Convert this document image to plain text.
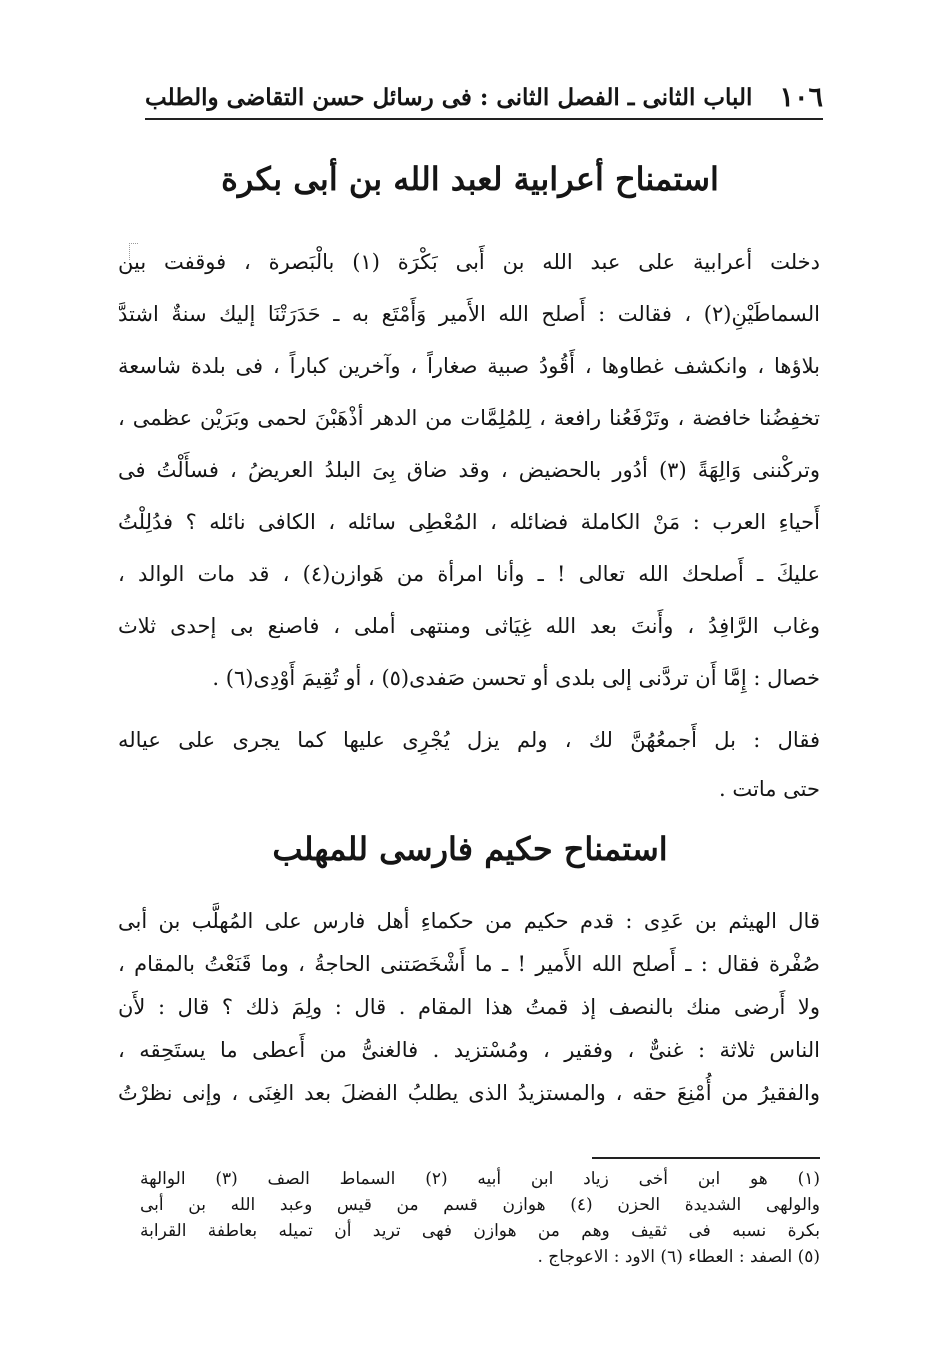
١٠٦
الباب الثانى ـ الفصل الثانى : فى رسائل حسن التقاضى والطلب
استمناح أعرابية لعبد الله بن أبى بكرة
دخلت أعرابية على عبد الله بن أَبى بَكْرَة (١) بالْبَصرة ، فوقفت بين
السماطَيْنِ(٢) ، فقالت : أَصلح الله الأَمير وَأَمْتَع به ـ حَدَرَتْنَا إليك سنةٌ اشتدَّ
بلاؤها ، وانكشف غطاوها ، أَقُودُ صبية صغاراً ، وآخرين كباراً ، فى بلدة شاسعة
تخفِضُنا خافضة ، وتَرْفَعُنا رافعة ، لِلمُلِمَّات من الدهر أذْهَبْنَ لحمى وبَرَيْن عظمى ،
وتركْننى وَالِهَةً (٣) أدُور بالحضيض ، وقد ضاق بِىَ البلدُ العريضُ ، فسأَلْتُ فى
أَحياءِ العرب : مَنْ الكاملة فضائله ، المُعْطِى سائله ، الكافى نائله ؟ فدُلِلْتُ
عليكَ ـ أَصلحك الله تعالى ! ـ وأنا امرأة من هَوازن(٤) ، قد مات الوالد ،
وغاب الرَّافِدُ ، وأَنتَ بعد الله غِيَاثى ومنتهى أملى ، فاصنع بى إحدى ثلاث
خصال : إِمَّا أَن تردَّنى إلى بلدى أو تحسن صَفدى(٥) ، أو تُقِيمَ أَوْدِى(٦) .
فقال : بل أَجمعُهُنَّ لك ، ولم يزل يُجْرِى عليها كما يجرى على عياله
حتى ماتت .
استمناح حكيم فارسى للمهلب
قال الهيثم بن عَدِى : قدم حكيم من حكماءِ أهل فارس على المُهلَّب بن أبى
صُفْرة فقال : ـ أَصلح الله الأَمير ! ـ ما أَشْخَصَتنى الحاجةُ ، وما قَنَعْتُ بالمقام ،
ولا أَرضى منك بالنصف إذ قمتُ هذا المقام . قال : ولِمَ ذلك ؟ قال : لأَن
الناس ثلاثة : غنىٌّ ، وفقير ، ومُسْتزيد . فالغنىُّ من أَعطى ما يستَحِقه ،
والفقيرُ من أُمْنِعَ حقه ، والمستزيدُ الذى يطلبُ الفضلَ بعد الغِنَى ، وإنى نظرْتُ
(١) هو ابن أخى زياد ابن أبيه (٢) السماط الصف (٣) الوالهة
والولهى الشديدة الحزن (٤) هوازن قسم من قيس وعبد الله بن أبى
بكرة نسبه فى ثقيف وهم من هوازن فهى تريد أن تميله بعاطفة القرابة
(٥) الصفد : العطاء (٦) الاود : الاعوجاج .
